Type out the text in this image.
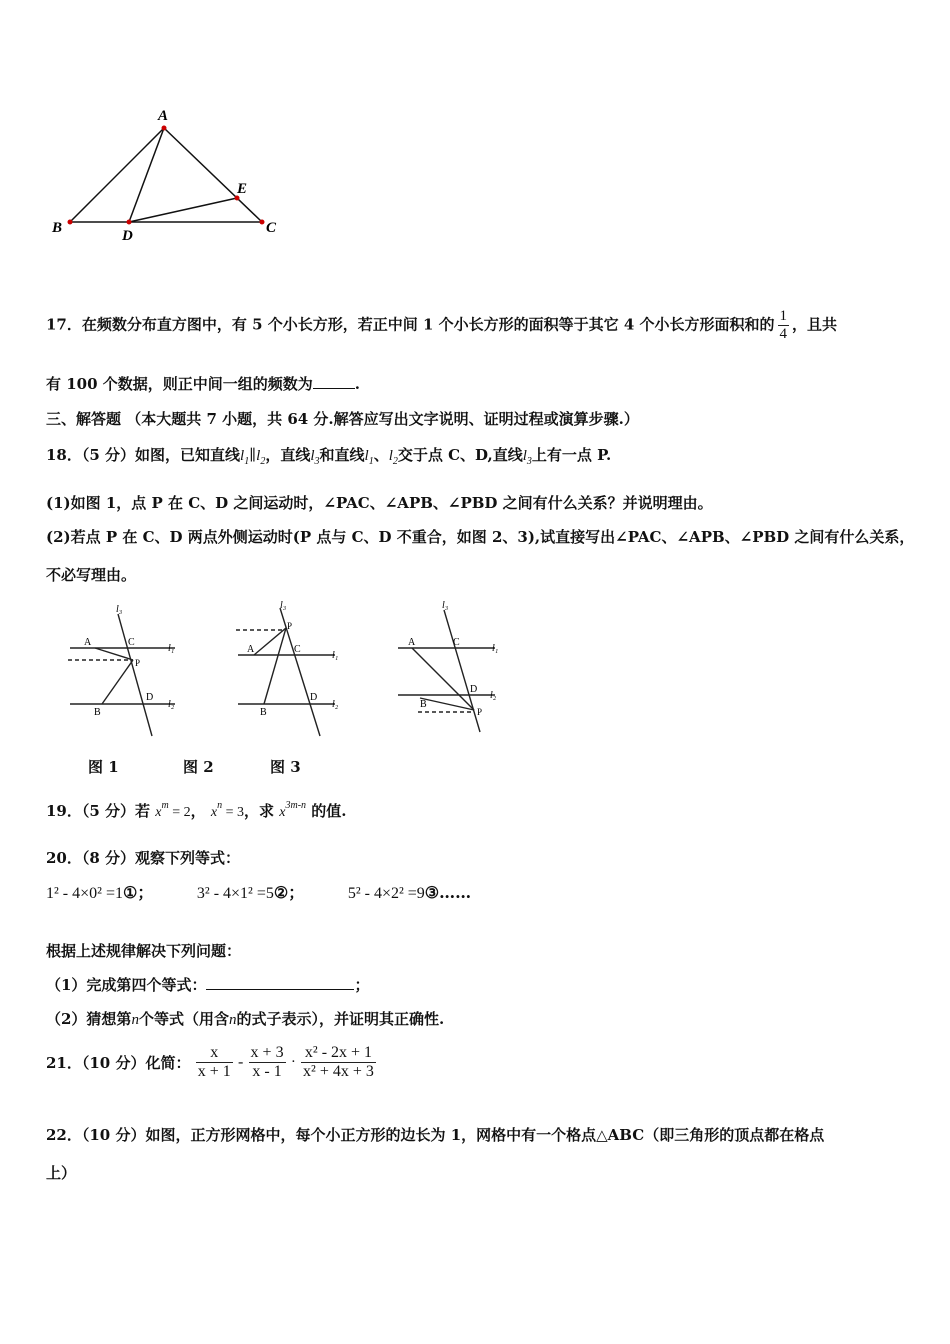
A
B	C
D
E
17．在频数分布直方图中，有 5 个小长方形，若正中间 1 个小长方形的面积等于其它 4 个小长方形面积和的 $\frac{1}{4}$ ，且共
有 100 个数据，则正中间一组的频数为	.
三、解答题 （本大题共 7 小题，共 64 分.解答应写出文字说明、证明过程或演算步骤.）
18．（5 分）如图，已知直线$l_1\parallel l_2$，直线$l_3$和直线$l_1$、$l_2$交于点 C、D,直线$l_3$上有一点 P.
(1)如图 1，点 P 在 C、D 之间运动时，∠PAC、∠APB、∠PBD 之间有什么关系？并说明理由。
(2)若点 P 在 C、D 两点外侧运动时(P 点与 C、D 不重合，如图 2、3),试直接写出∠PAC、∠APB、∠PBD 之间有什么关系，
不必写理由。
l₃
A	C
l₁
P
D
l₂
B
l₃
P
A	C
l₁
D
l₂
B
l₃
A	C
l₁
D
l₂
B
P
图 1	图 2	图 3
19．（5 分）若 $x^m = 2$， $x^n = 3$，求 $x^{3m-n}$ 的值.
20．（8 分）观察下列等式：
1² - 4×0² =1①；	3² - 4×1² =5②；	5² - 4×2² =9③……
根据上述规律解决下列问题：
（1）完成第四个等式：	；
（2）猜想第n个等式（用含n的式子表示），并证明其正确性.
21．（10 分）化简： $\frac{x}{x + 1} - \frac{x + 3}{x - 1} \cdot \frac{\text{x² - 2x + 1}}{\text{x² + 4x + 3}}$
22．（10 分）如图，正方形网格中，每个小正方形的边长为 1，网格中有一个格点△ABC（即三角形的顶点都在格点
上）
